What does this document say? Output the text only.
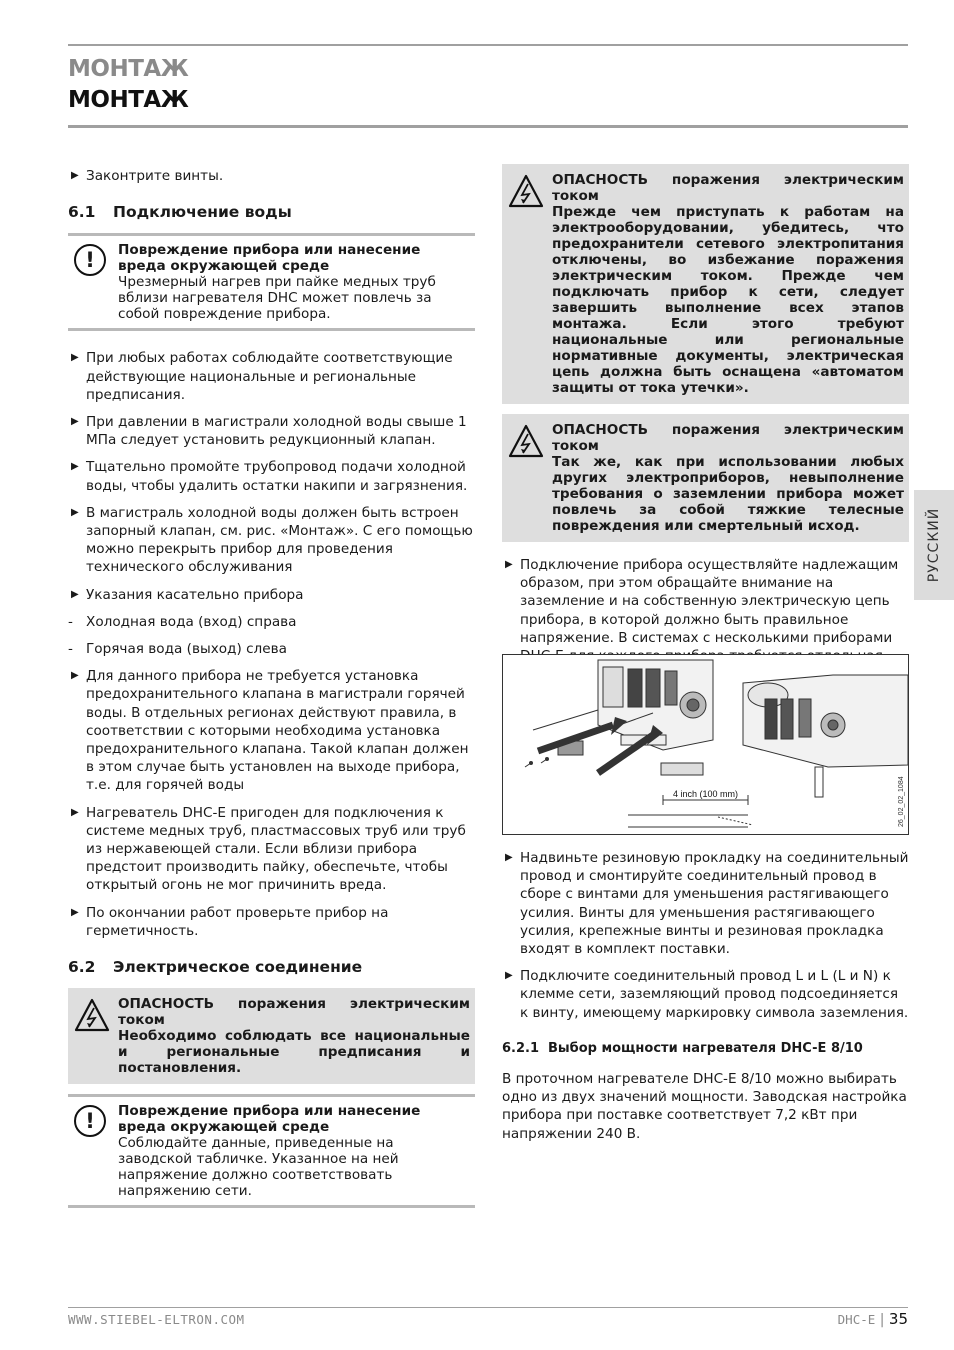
МОНТАЖ
МОНТАЖ
▶ Законтрите винты.
6.1 Подключение воды
!	Повреждение прибора или нанесение вреда окружающей среде
Чрезмерный нагрев при пайке медных труб вблизи нагревателя DHC может повлечь за собой повреждение прибора.
▶ При любых работах соблюдайте соответствующие действующие национальные и региональные предписания.
▶ При давлении в магистрали холодной воды свыше 1 МПа следует установить редукционный клапан.
▶ Тщательно промойте трубопровод подачи холодной воды, чтобы удалить остатки накипи и загрязнения.
▶ В магистраль холодной воды должен быть встроен запорный клапан, см. рис. «Монтаж». С его помощью можно перекрыть прибор для проведения технического обслуживания
▶ Указания касательно прибора
- Холодная вода (вход) справа
- Горячая вода (выход) слева
▶ Для данного прибора не требуется установка предохранительного клапана в магистрали горячей воды. В отдельных регионах действуют правила, в соответствии с которыми необходима установка предохранительного клапана. Такой клапан должен в этом случае быть установлен на выходе прибора, т.е. для горячей воды
▶ Нагреватель DHC-E пригоден для подключения к системе медных труб, пластмассовых труб или труб из нержавеющей стали. Если вблизи прибора предстоит производить пайку, обеспечьте, чтобы открытый огонь не мог причинить вреда.
▶ По окончании работ проверьте прибор на герметичность.
6.2 Электрическое соединение
ОПАСНОСТЬ поражения электрическим током
Необходимо соблюдать все национальные и региональные предписания и постановления.
!	Повреждение прибора или нанесение вреда окружающей среде
Соблюдайте данные, приведенные на заводской табличке. Указанное на ней напряжение должно соответствовать напряжению сети.
ОПАСНОСТЬ поражения электрическим током
Прежде чем приступать к работам на электрооборудовании, убедитесь, что предохранители сетевого электропитания отключены, во избежание поражения электрическим током. Прежде чем подключать прибор к сети, следует завершить выполнение всех этапов монтажа. Если этого требуют национальные или региональные нормативные документы, электрическая цепь должна быть оснащена «автоматом защиты от тока утечки».
ОПАСНОСТЬ поражения электрическим током
Так же, как при использовании любых других электроприборов, невыполнение требования о заземлении прибора может повлечь за собой тяжкие телесные повреждения или смертельный исход.
▶ Подключение прибора осуществляйте надлежащим образом, при этом обращайте внимание на заземление и на собственную электрическую цепь прибора, в которой должно быть правильное напряжение. В системах с несколькими приборами
4 inch (100 mm)	26_02_02_1084
▶ Надвиньте резиновую прокладку на соединительный провод и смонтируйте соединительный провод в сборе с винтами для уменьшения растягивающего усилия. Винты для уменьшения растягивающего усилия, крепежные винты и резиновая прокладка входят в комплект поставки.
▶ Подключите соединительный провод L и L (L и N) к клемме сети, заземляющий провод подсоединяется к винту, имеющему маркировку символа заземления.
6.2.1 Выбор мощности нагревателя DHC-E 8/10
В проточном нагревателе DHC-E 8/10 можно выбирать одно из двух значений мощности. Заводская настройка прибора при поставке соответствует 7,2 кВт при напряжении 240 В.
РУССКИЙ
WWW.STIEBEL-ELTRON.COM	DHC-E | 35
